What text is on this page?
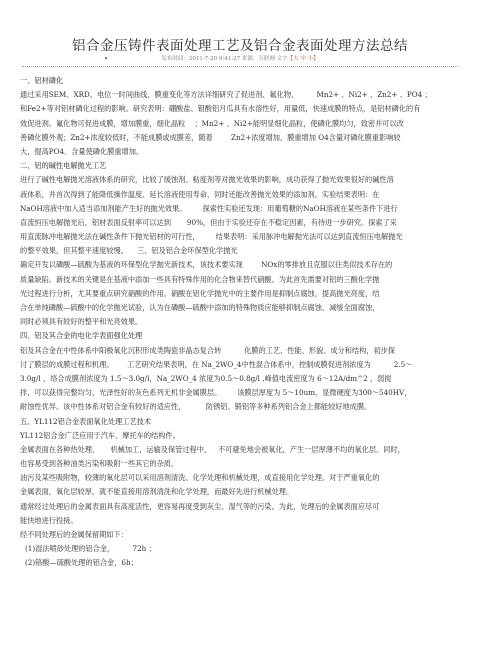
铝合金压铸件表面处理工艺及铝合金表面处理方法总结
•	发布时间：2011-7-20 9:41:27 来源：互联网 文字【大 中 小】
一、铝材磷化
通过采用SEM、XRD、电位一时间曲线、膜重变化等方法详细研究了促进剂、氟化物、        Mn2+ 、Ni2+ 、Zn2+ 、PO4 ；
和Fe2+等对铝材磷化过程的影响。研究表明：硼酸盐、钼酸铝月瓜具有水溶性好，用量低，快速成膜的特点，是铝材磷化的有
效促进剂。氟化物可促进成膜，增加膜重，细化晶粒    ；Mn2+ 、Ni2+能明显细化晶粒，使磷化膜均匀，致密并可以改
善磷化膜外观；Zn2+浓度较低时，不能成膜或成膜差，随着        Zn2+浓度增加，膜重增加 O4含量对磷化膜重影响较
大，提高PO4．含量使磷化膜重增加。
二、铝的碱性电解抛光工艺
进行了碱性电解抛光溶液体系的研究，比较了缓蚀剂、粘度剂等对抛光效果的影响，成功获得了抛光效果很好的碱性溶
液体系，并首次得到了能降低操作温度、延长溶液使用寿命、同时还能改善抛光效果的添加剂。实验结果表明：在
NaOH溶液中加入适当添加剂能产生好的抛光效果。       探索性实验还发现：用葡萄糖的NaOH溶液在某些条件下进行
直流恒压电解抛光后，铝材表面反射率可以达到       90%，但由于实验还存在不稳定因素，有待进一步研究。探索了采
用直流脉冲电解抛光法在碱性条件下抛光铝材的可行性，       结果表明：采用脉冲电解抛光法可以达到直流恒压电解抛光
的整平效果，但其整平速度较慢。    三、铝及铝合金环保型化学抛光
确定开发以磷酸—硫酸为基液的环保型化学抛光新技术，该技术要实现        NOx的零排放且克服以往类似技术存在的
质量缺陷。新技术的关键是在基液中添加一些具有特殊作用的化合物来替代硝酸。为此首先需要对铝的三酸化学抛
光过程进行分析，尤其要重点研究硝酸的作用。硝酸在铝化学抛光中的主要作用是抑制点腐蚀，提高抛光亮度，结
合在单纯磷酸—硫酸中的化学抛光试验，认为在磷酸—硫酸中添加的特殊物质应能够抑制点腐蚀、减缓全面腐蚀，
同时必须具有较好的整平和光亮效果。
四、铝及其合金的电化学表面强化处理
铝及其合金在中性体系中阳极氧化沉积形成类陶瓷非晶态复合转          化膜的工艺、性能、形貌、成分和结构，初步探
讨了膜层的成膜过程和机理。      工艺研究结果表明，在 Na_2WO_4中性混合体系中，控制成膜促进剂浓度为          2.5～
3.0g/l ，络合成膜剂浓度为 1.5～3.0g/l，Na_2WO_4 浓度为0.5～0.8g/l ,峰值电流密度为 6～12A/dm^2 ，弱搅
拌，可以获得完整均匀、光泽性好的灰色系列无机非金属膜层。       该膜层厚度为 5～10um，显微硬度为300～540HV，
耐蚀性优异。该中性体系对铝合金有较好的适应性，         防锈铝、锻铝等多种系列铝合金上都能较好地成膜。
五、YL112铝合金表面氧化处理工艺技术
YL112铝合金广泛应用于汽车、摩托车的结构件。
金属表面在各种热处理、     机械加工，运输及保管过程中，   不可避免地会被氧化，产生一层厚薄不均的氧化层。同时，
也容易受到各种油类污染和吸附一些其它的杂质。
油污及某些吸附物，较薄的氧化层可以采用溶剂清洗、化学处理和机械处理，成直接用化学处理。对于严重氧化的
金属表面，氧化层较厚，就不能直接用溶剂清洗和化学处理，而最好先进行机械处理。
通常经过处理后的金属表面具有高度活性，更容易再度受到灰尘、湿气等的污染。为此，处理后的金属表面应尽可
能快地进行投接。
经不同处理后的金属保留期如下：
(1)湿法喷砂处理的铝合金，        72h ；
(2)铬酸—硫酸处理的铝合金，6h；
